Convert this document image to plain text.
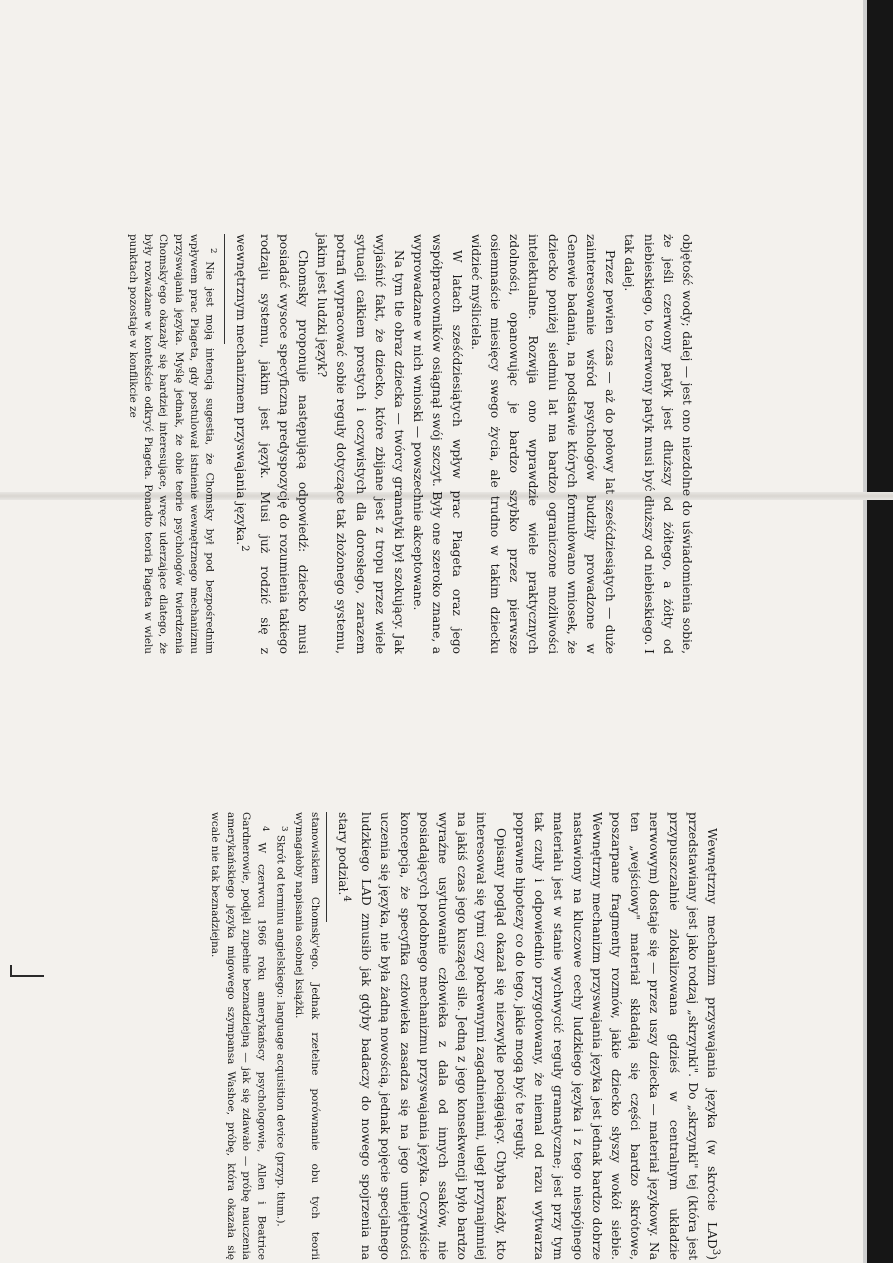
objętość wody; dalej — jest ono niezdolne do uświadomienia sobie, że jeśli czerwony patyk jest dłuższy od żółtego, a żółty od niebieskiego, to czerwony patyk musi być dłuższy od niebieskiego. I tak dalej.

Przez pewien czas — aż do połowy lat sześćdziesiątych — duże zainteresowanie wśród psychologów budziły prowadzone w Genewie badania, na podstawie których formułowano wniosek, że dziecko poniżej siedmiu lat ma bardzo ograniczone możliwości intelektualne. Rozwija ono wprawdzie wiele praktycznych zdolności, opanowując je bardzo szybko przez pierwsze osiemnaście miesięcy swego życia, ale trudno w takim dziecku widzieć myśliciela.

W latach sześćdziesiątych wpływ prac Piageta oraz jego współpracowników osiągnął swój szczyt. Były one szeroko znane, a wyprowadzane w nich wnioski — powszechnie akceptowane.

Na tym tle obraz dziecka — twórcy gramatyki był szokujący. Jak wyjaśnić fakt, że dziecko, które zbijane jest z tropu przez wiele sytuacji całkiem prostych i oczywistych dla dorosłego, zarazem potrafi wypracować sobie reguły dotyczące tak złożonego systemu, jakim jest ludzki język?

Chomsky proponuje następującą odpowiedź: dziecko musi posiadać wysoce specyficzną predyspozycję do rozumienia takiego rodzaju systemu, jakim jest język. Musi już rodzić się z wewnętrznym mechanizmem przyswajania języka.$^2$

$^2$ Nie jest moją intencją sugestia, że Chomsky był pod bezpośrednim wpływem prac Piageta, gdy postulował istnienie wewnętrznego mechanizmu przyswajania języka. Myślę jednak, że obie teorie psychologów twierdzenia Chomsky'ego okazały się bardziej interesujące, wręcz uderzające dlatego, że były rozważane w kontekście odkryć Piageta. Ponadto teoria Piageta w wielu punktach pozostaje w konflikcie ze

Wewnętrzny mechanizm przyswajania języka (w skrócie LAD$^3$) przedstawiany jest jako rodzaj „skrzynki". Do „skrzynki" tej (która jest przypuszczalnie zlokalizowana gdzieś w centralnym układzie nerwowym) dostaje się — przez uszy dziecka — materiał językowy. Na ten „wejściowy" materiał składają się części bardzo skrótowe, poszarpane fragmenty rozmów, jakie dziecko słyszy wokół siebie. Wewnętrzny mechanizm przyswajania języka jest jednak bardzo dobrze nastawiony na kluczowe cechy ludzkiego języka i z tego niespójnego materiału jest w stanie wychwycić reguły gramatyczne; jest przy tym tak czuły i odpowiednio przygotowany, że niemal od razu wytwarza poprawne hipotezy co do tego, jakie mogą być te reguły.

Opisany pogląd okazał się niezwykle pociągający. Chyba każdy, kto interesował się tymi czy pokrewnymi zagadnieniami, uległ przynajmniej na jakiś czas jego kuszącej sile. Jedną z jego konsekwencji było bardzo wyraźne usytuowanie człowieka z dala od innych ssaków, nie posiadających podobnego mechanizmu przyswajania języka. Oczywiście koncepcja, że specyfika człowieka zasadza się na jego umiejętności uczenia się języka, nie była żadną nowością, jednak pojęcie specjalnego ludzkiego LAD zmusiło jak gdyby badaczy do nowego spojrzenia na stary podział.$^4$

stanowiskiem Chomsky'ego. Jednak rzetelne porównanie obu tych teorii wymagałoby napisania osobnej książki.

$^3$ Skrót od terminu angielskiego: language acquisition device (przyp. tłum.).

$^4$ W czerwcu 1966 roku amerykańscy psychologowie, Allen i Beatrice Gardnerowie, podjęli zupełnie beznadziejną — jak się zdawało — próbę nauczenia amerykańskiego języka migowego szympansa Washoe, próbę, która okazała się wcale nie tak beznadziejna.
